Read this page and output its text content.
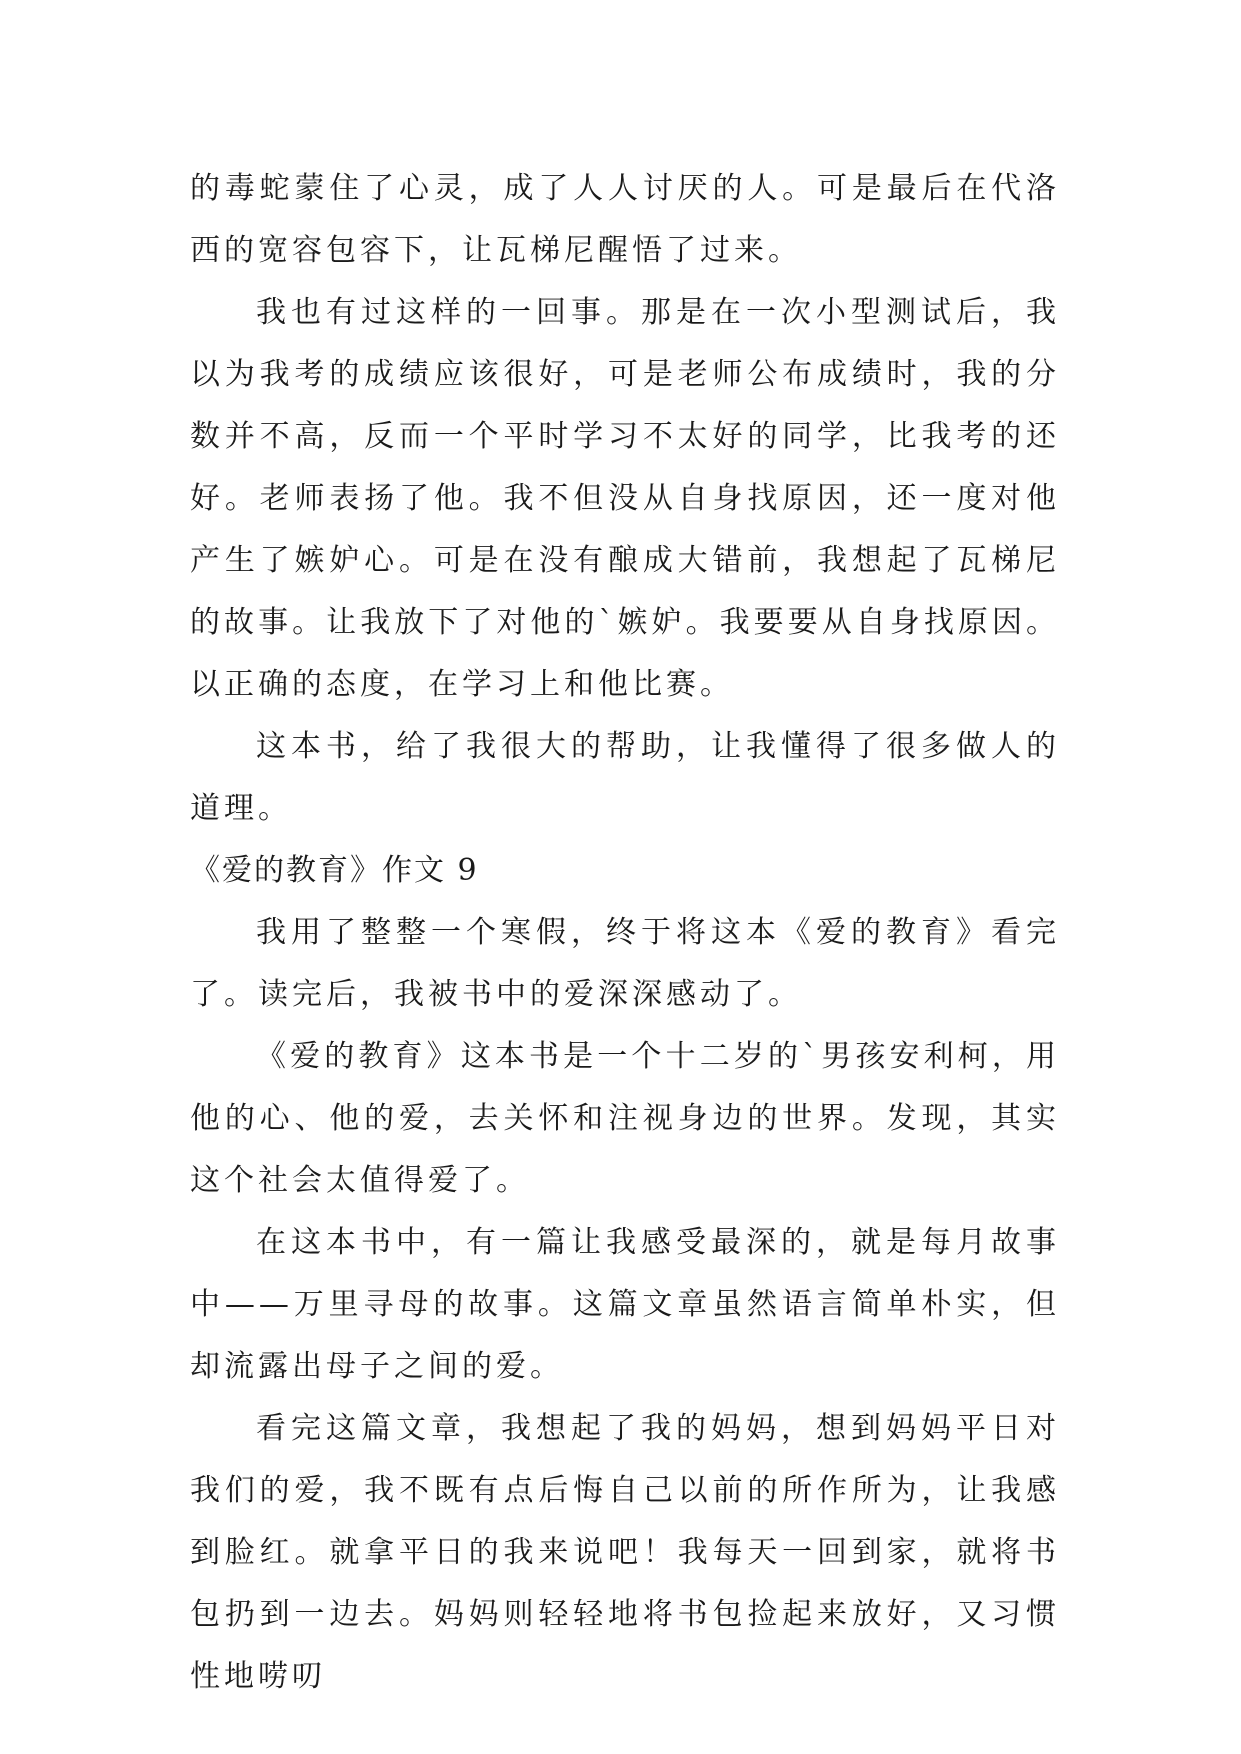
的毒蛇蒙住了心灵，成了人人讨厌的人。可是最后在代洛西的宽容包容下，让瓦梯尼醒悟了过来。

我也有过这样的一回事。那是在一次小型测试后，我以为我考的成绩应该很好，可是老师公布成绩时，我的分数并不高，反而一个平时学习不太好的同学，比我考的还好。老师表扬了他。我不但没从自身找原因，还一度对他产生了嫉妒心。可是在没有酿成大错前，我想起了瓦梯尼的故事。让我放下了对他的`嫉妒。我要要从自身找原因。以正确的态度，在学习上和他比赛。

这本书，给了我很大的帮助，让我懂得了很多做人的道理。

《爱的教育》作文 9

我用了整整一个寒假，终于将这本《爱的教育》看完了。读完后，我被书中的爱深深感动了。

《爱的教育》这本书是一个十二岁的`男孩安利柯，用他的心、他的爱，去关怀和注视身边的世界。发现，其实这个社会太值得爱了。

在这本书中，有一篇让我感受最深的，就是每月故事中——万里寻母的故事。这篇文章虽然语言简单朴实，但却流露出母子之间的爱。

看完这篇文章，我想起了我的妈妈，想到妈妈平日对我们的爱，我不既有点后悔自己以前的所作所为，让我感到脸红。就拿平日的我来说吧！我每天一回到家，就将书包扔到一边去。妈妈则轻轻地将书包捡起来放好，又习惯性地唠叨
